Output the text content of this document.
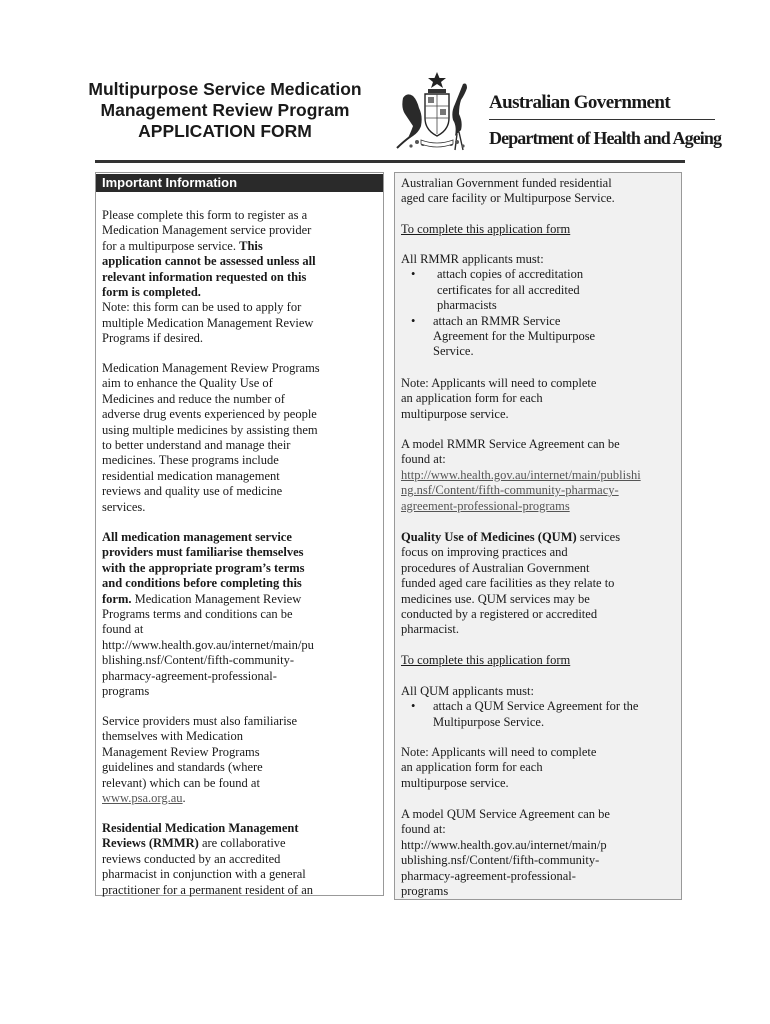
Multipurpose Service Medication
Management Review Program
APPLICATION FORM
Australian Government
Department of Health and Ageing
Important Information
Please complete this form to register as a
Medication Management service provider
for a multipurpose service. This
application cannot be assessed unless all
relevant information requested on this
form is completed.
Note: this form can be used to apply for
multiple Medication Management Review
Programs if desired.
Medication Management Review Programs
aim to enhance the Quality Use of
Medicines and reduce the number of
adverse drug events experienced by people
using multiple medicines by assisting them
to better understand and manage their
medicines. These programs include
residential medication management
reviews and quality use of medicine
services.
All medication management service
providers must familiarise themselves
with the appropriate program’s terms
and conditions before completing this
form. Medication Management Review
Programs terms and conditions can be
found at
http://www.health.gov.au/internet/main/pu
blishing.nsf/Content/fifth-community-
pharmacy-agreement-professional-
programs
Service providers must also familiarise
themselves with Medication
Management Review Programs
guidelines and standards (where
relevant) which can be found at
www.psa.org.au.
Residential Medication Management
Reviews (RMMR) are collaborative
reviews conducted by an accredited
pharmacist in conjunction with a general
practitioner for a permanent resident of an
Australian Government funded residential
aged care facility or Multipurpose Service.
To complete this application form
All RMMR applicants must:
• attach copies of accreditation
certificates for all accredited
pharmacists
• attach an RMMR Service
Agreement for the Multipurpose
Service.
Note: Applicants will need to complete
an application form for each
multipurpose service.
A model RMMR Service Agreement can be
found at:
http://www.health.gov.au/internet/main/publishi
ng.nsf/Content/fifth-community-pharmacy-
agreement-professional-programs
Quality Use of Medicines (QUM) services
focus on improving practices and
procedures of Australian Government
funded aged care facilities as they relate to
medicines use. QUM services may be
conducted by a registered or accredited
pharmacist.
To complete this application form
All QUM applicants must:
• attach a QUM Service Agreement for the
Multipurpose Service.
Note: Applicants will need to complete
an application form for each
multipurpose service.
A model QUM Service Agreement can be
found at:
http://www.health.gov.au/internet/main/p
ublishing.nsf/Content/fifth-community-
pharmacy-agreement-professional-
programs
